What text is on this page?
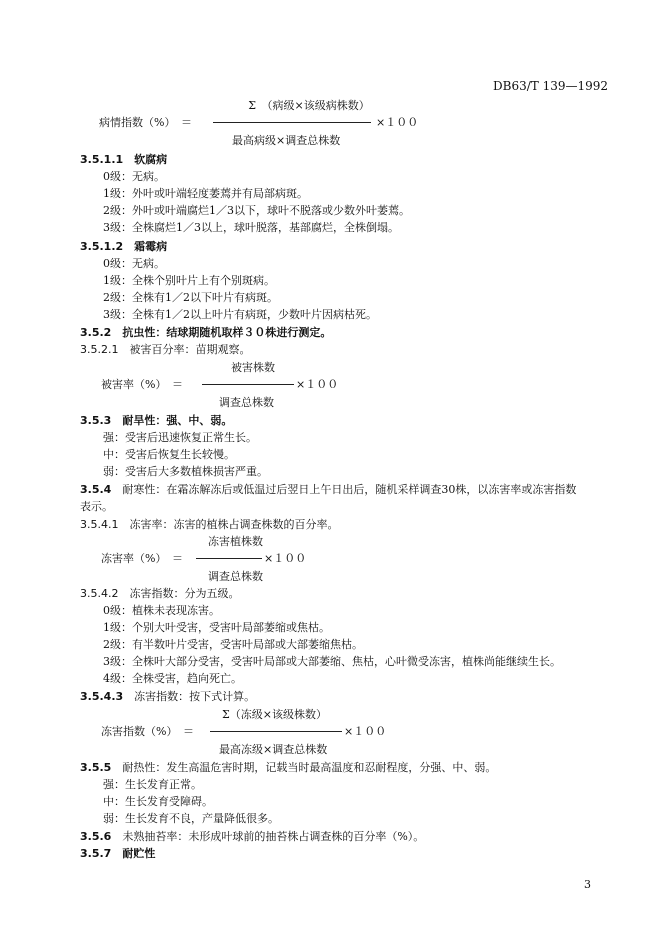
DB63/T 139—1992
Σ　（病级×该级病株数）
病情指数（%）　＝	×１００
最高病级×调查总株数
3.5.1.1　 软腐病
0级：无病。
1级：外叶或叶端轻度萎蔫并有局部病斑。
2级：外叶或叶端腐烂1／3以下，球叶不脱落或少数外叶萎蔫。
3级：全株腐烂1／3以上，球叶脱落，基部腐烂，全株倒塌。
3.5.1.2　 霜霉病
0级：无病。
1级：全株个别叶片上有个别斑病。
2级：全株有1／2以下叶片有病斑。
3级：全株有1／2以上叶片有病斑，少数叶片因病枯死。
3.5.2　 抗虫性：结球期随机取样３０株进行测定。
3.5.2.1　 被害百分率：苗期观察。
被害株数
被害率（%）　＝	×１００
调查总株数
3.5.3　 耐旱性：强、中、弱。
强：受害后迅速恢复正常生长。
中：受害后恢复生长较慢。
弱：受害后大多数植株损害严重。
3.5.4　 耐寒性：在霜冻解冻后或低温过后翌日上午日出后，随机采样调查30株，以冻害率或冻害指数
表示。
3.5.4.1　 冻害率：冻害的植株占调查株数的百分率。
冻害植株数
冻害率（%）　＝	×１００
调查总株数
3.5.4.2　 冻害指数：分为五级。
0级：植株未表现冻害。
1级：个别大叶受害，受害叶局部萎缩或焦枯。
2级：有半数叶片受害，受害叶局部或大部萎缩焦枯。
3级：全株叶大部分受害，受害叶局部或大部萎缩、焦枯，心叶微受冻害，植株尚能继续生长。
4级：全株受害，趋向死亡。
3.5.4.3　 冻害指数：按下式计算。
Σ（冻级×该级株数）
冻害指数（%）　＝	×１００
最高冻级×调查总株数
3.5.5　 耐热性：发生高温危害时期，记载当时最高温度和忍耐程度，分强、中、弱。
强：生长发育正常。
中：生长发育受障碍。
弱：生长发育不良，产量降低很多。
3.5.6　 未熟抽苔率：未形成叶球前的抽苔株占调查株的百分率（%）。
3.5.7　 耐贮性
3
